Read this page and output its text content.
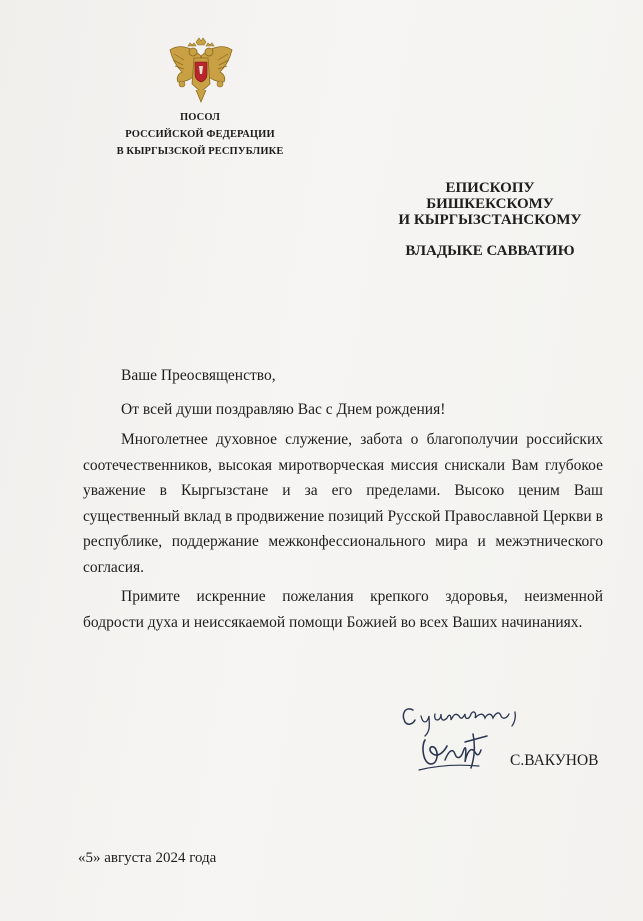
ПОСОЛ
РОССИЙСКОЙ ФЕДЕРАЦИИ
В КЫРГЫЗСКОЙ РЕСПУБЛИКЕ
ЕПИСКОПУ
БИШКЕКСКОМУ
И КЫРГЫЗСТАНСКОМУ
ВЛАДЫКЕ САВВАТИЮ
Ваше Преосвященство,
От всей души поздравляю Вас с Днем рождения!
Многолетнее духовное служение, забота о благополучии российских соотечественников, высокая миротворческая миссия снискали Вам глубокое уважение в Кыргызстане и за его пределами. Высоко ценим Ваш существенный вклад в продвижение позиций Русской Православной Церкви в республике, поддержание межконфессионального мира и межэтнического согласия.
Примите искренние пожелания крепкого здоровья, неизменной бодрости духа и неиссякаемой помощи Божией во всех Ваших начинаниях.
С.ВАКУНОВ
«5» августа 2024 года
